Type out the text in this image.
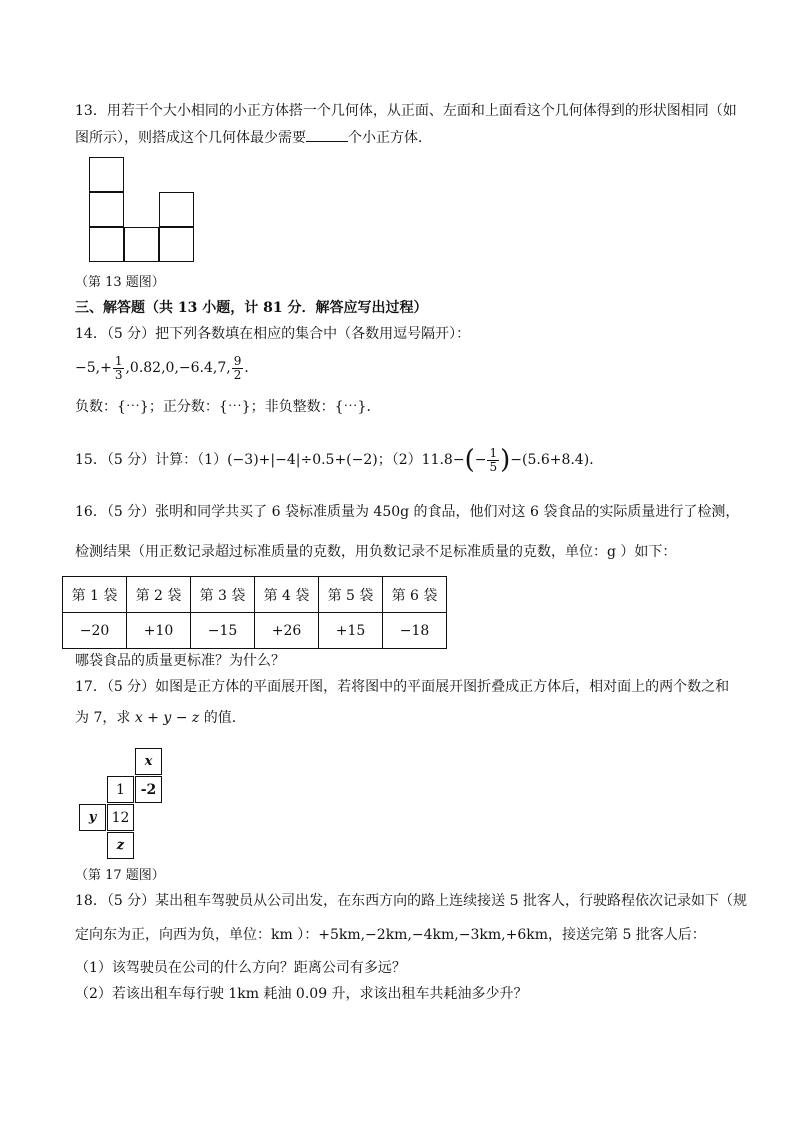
13．用若干个大小相同的小正方体搭一个几何体，从正面、左面和上面看这个几何体得到的形状图相同（如
图所示），则搭成这个几何体最少需要	个小正方体．
（第 13 题图）
三、解答题（共 13 小题，计 81 分．解答应写出过程）
14．（5 分）把下列各数填在相应的集合中（各数用逗号隔开）：
$-5,+ \frac{1}{3} ,0.82,0,-6.4,7$, $\frac{9}{2}$ ．
负数：{⋯}；正分数：{⋯}；非负整数：{⋯}．
15．（5 分）计算：（1）(−3)+|−4|÷0.5+(−2)；$(2)11.8-(- \frac{1}{5} )-(5.6+8.4)$．
16．（5 分）张明和同学共买了 6 袋标准质量为 450g 的食品，他们对这 6 袋食品的实际质量进行了检测，
检测结果（用正数记录超过标准质量的克数，用负数记录不足标准质量的克数，单位：g ）如下：
第 1 袋	第 2 袋	第 3 袋	第 4 袋	第 5 袋	第 6 袋
−20	+10	−15	+26	+15	−18
哪袋食品的质量更标准？为什么？
17．（5 分）如图是正方体的平面展开图，若将图中的平面展开图折叠成正方体后，相对面上的两个数之和
为 7，求 x + y − z 的值．
x
1	-2
y	12
z
（第 17 题图）
18．（5 分）某出租车驾驶员从公司出发，在东西方向的路上连续接送 5 批客人，行驶路程依次记录如下（规
定向东为正，向西为负，单位：km ）：+5km,−2km,−4km,−3km,+6km，接送完第 5 批客人后：
（1）该驾驶员在公司的什么方向？距离公司有多远？
（2）若该出租车每行驶 1km 耗油 0.09 升，求该出租车共耗油多少升？
